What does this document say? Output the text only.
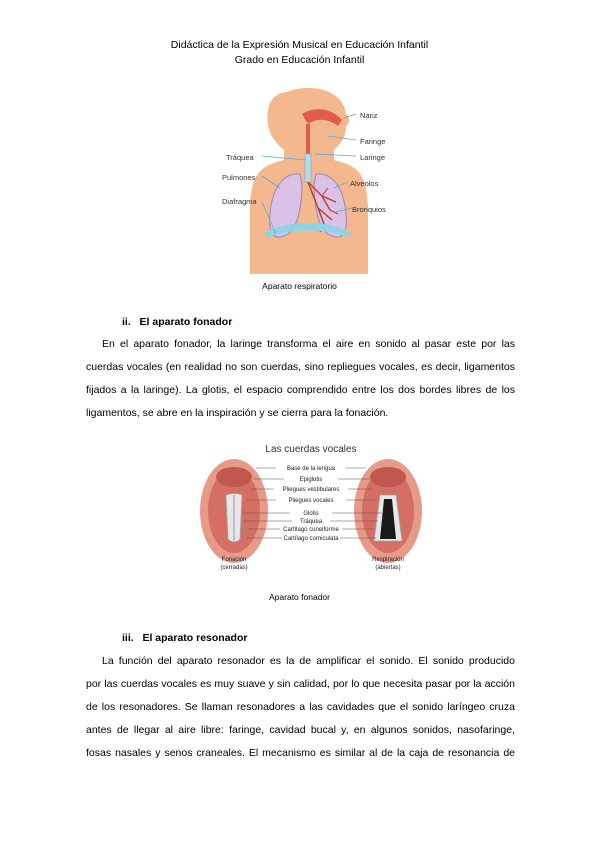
Didáctica de la Expresión Musical en Educación Infantil
Grado en Educación Infantil
Nariz
Faringe
Laringe
Tráquea
Pulmones
Alveolos
Diafragma
Bronquios
Aparato respiratorio
ii. El aparato fonador
En el aparato fonador, la laringe transforma el aire en sonido al pasar este por las
cuerdas vocales (en realidad no son cuerdas, sino repliegues vocales, es decir, ligamentos
fijados a la laringe). La glotis, el espacio comprendido entre los dos bordes libres de los
ligamentos, se abre en la inspiración y se cierra para la fonación.
Las cuerdas vocales
Base de la lengua
Epiglotis
Pliegues vestibulares
Pliegues vocales
Glotis
Tráquea
Cartílago cuneiforme
Cartílago corniculata
Fonación
(cerradas)
Respiración
(abiertas)
Aparato fonador
iii. El aparato resonador
La función del aparato resonador es la de amplificar el sonido. El sonido producido
por las cuerdas vocales es muy suave y sin calidad, por lo que necesita pasar por la acción
de los resonadores. Se llaman resonadores a las cavidades que el sonido laríngeo cruza
antes de llegar al aire libre: faringe, cavidad bucal y, en algunos sonidos, nasofaringe,
fosas nasales y senos craneales. El mecanismo es similar al de la caja de resonancia de
